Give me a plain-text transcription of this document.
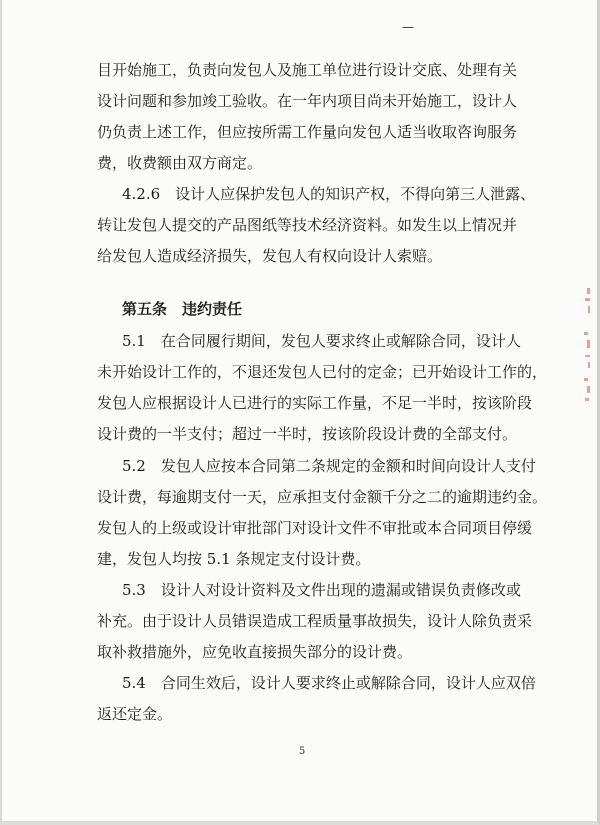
—
目开始施工，负责向发包人及施工单位进行设计交底、处理有关
设计问题和参加竣工验收。在一年内项目尚未开始施工，设计人
仍负责上述工作，但应按所需工作量向发包人适当收取咨询服务
费，收费额由双方商定。
4.2.6　设计人应保护发包人的知识产权，不得向第三人泄露、
转让发包人提交的产品图纸等技术经济资料。如发生以上情况并
给发包人造成经济损失，发包人有权向设计人索赔。
第五条　违约责任
5.1　在合同履行期间，发包人要求终止或解除合同，设计人
未开始设计工作的，不退还发包人已付的定金；已开始设计工作的，
发包人应根据设计人已进行的实际工作量，不足一半时，按该阶段
设计费的一半支付；超过一半时，按该阶段设计费的全部支付。
5.2　发包人应按本合同第二条规定的金额和时间向设计人支付
设计费，每逾期支付一天，应承担支付金额千分之二的逾期违约金。
发包人的上级或设计审批部门对设计文件不审批或本合同项目停缓
建，发包人均按 5.1 条规定支付设计费。
5.3　设计人对设计资料及文件出现的遗漏或错误负责修改或
补充。由于设计人员错误造成工程质量事故损失，设计人除负责采
取补救措施外，应免收直接损失部分的设计费。
5.4　合同生效后，设计人要求终止或解除合同，设计人应双倍
返还定金。
5
